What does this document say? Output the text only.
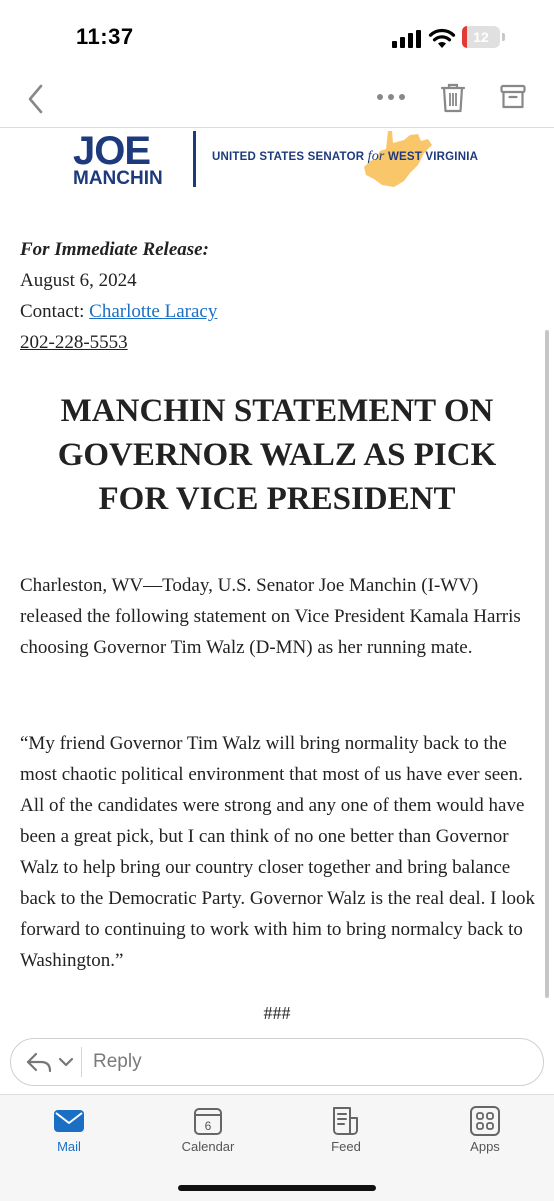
11:37	12
JOE
MANCHIN
UNITED STATES SENATOR for WEST VIRGINIA
For Immediate Release:
August 6, 2024
Contact: Charlotte Laracy
202-228-5553
MANCHIN STATEMENT ON GOVERNOR WALZ AS PICK FOR VICE PRESIDENT
Charleston, WV—Today, U.S. Senator Joe Manchin (I-WV) released the following statement on Vice President Kamala Harris choosing Governor Tim Walz (D-MN) as her running mate.
“My friend Governor Tim Walz will bring normality back to the most chaotic political environment that most of us have ever seen. All of the candidates were strong and any one of them would have been a great pick, but I can think of no one better than Governor Walz to help bring our country closer together and bring balance back to the Democratic Party. Governor Walz is the real deal. I look forward to continuing to work with him to bring normalcy back to Washington.”
###
Reply
Mail
6
Calendar	Feed	Apps
